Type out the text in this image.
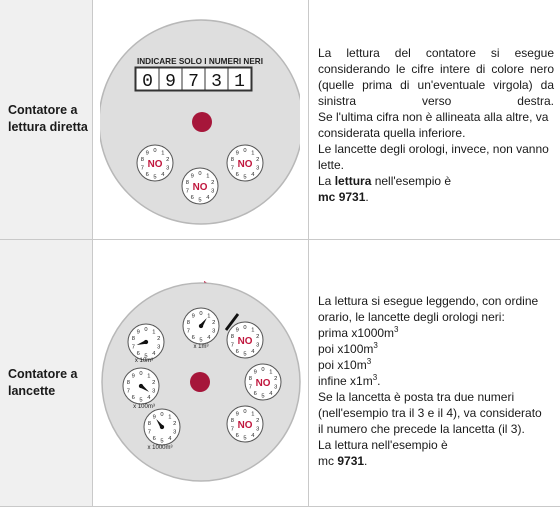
Contatore a lettura diretta
INDICARE SOLO I NUMERI NERI
0 9 7 3 1
0 1
2
3
4
5
6
7
8
9
NO
0 1
2
3
4
5
6
7
8
9
NO
0 1
2
3
4
5
6
7
8
9
NO

La lettura del contatore si esegue

considerando le cifre intere di colore nero

(quelle prima di un'eventuale virgola) da

sinistra verso destra.

Se l'ultima cifra non è allineata alla altre, va

considerata quella inferiore.

Le lancette degli orologi, invece, non vanno

lette.

La lettura nell'esempio è

mc 9731.

Contatore a lancette
0 1
2
3
4
5
6
7
8
9
0 1
2
3
4
5
6
7
8
9
NO
0 1
2
3
4
5
6
7
8
9
0 1
2
3
4
5
6
7
8
9
NO
0 1
2
3
4
5
6
7
8
9
0 1
2
3
4
5
6
7
8
9
NO
0 1
2
3
4
5
6
7
8
9
x 1m³
x 10m³
x 100m³
x 1000m³

La lettura si esegue leggendo, con ordine

orario, le lancette degli orologi neri:

prima $x1000m^3$

poi $x100m^3$

poi $x10m^3$

infine $x1m^3$.

Se la lancetta è posta tra due numeri

(nell'esempio tra il 3 e il 4), va considerato

il numero che precede la lancetta (il 3).

La lettura nell'esempio è

mc 9731.
